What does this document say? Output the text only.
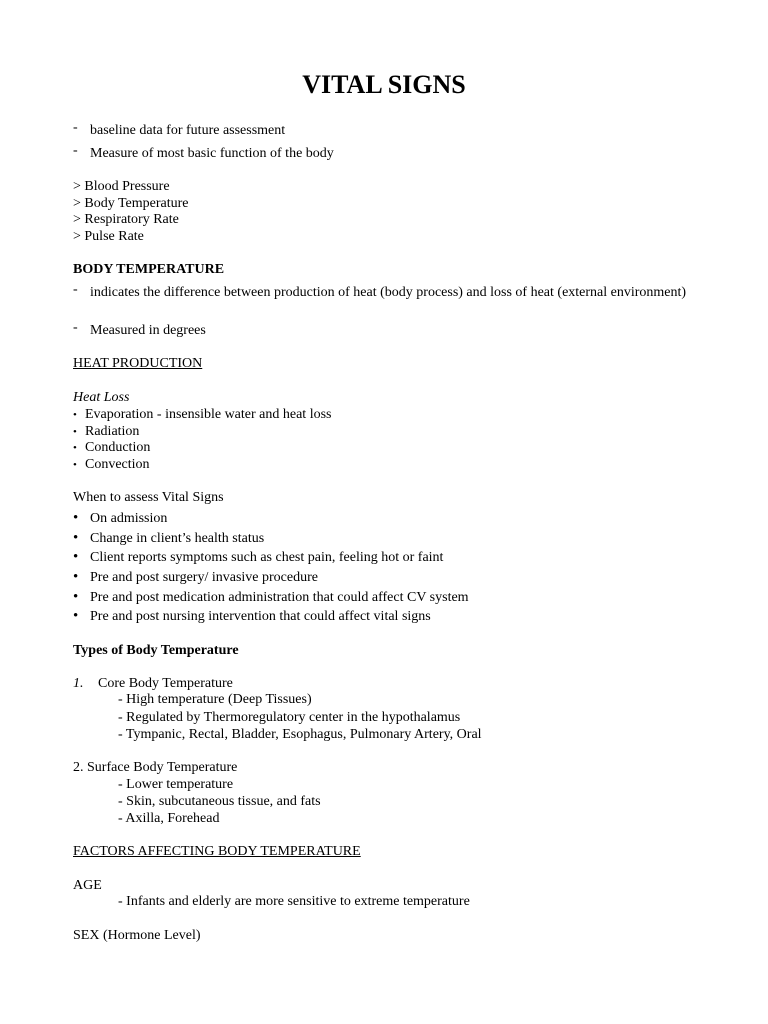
VITAL SIGNS
- baseline data for future assessment
- Measure of most basic function of the body
> Blood Pressure
> Body Temperature
> Respiratory Rate
> Pulse Rate
BODY TEMPERATURE
- indicates the difference between production of heat (body process) and loss of heat (external environment)
- Measured in degrees
HEAT PRODUCTION
Heat Loss
• Evaporation - insensible water and heat loss
• Radiation
• Conduction
• Convection
When to assess Vital Signs
• On admission
• Change in client’s health status
• Client reports symptoms such as chest pain, feeling hot or faint
• Pre and post surgery/ invasive procedure
• Pre and post medication administration that could affect CV system
• Pre and post nursing intervention that could affect vital signs
Types of Body Temperature
1. Core Body Temperature
- High temperature (Deep Tissues)
- Regulated by Thermoregulatory center in the hypothalamus
- Tympanic, Rectal, Bladder, Esophagus, Pulmonary Artery, Oral
2. Surface Body Temperature
- Lower temperature
- Skin, subcutaneous tissue, and fats
- Axilla, Forehead
FACTORS AFFECTING BODY TEMPERATURE
AGE
- Infants and elderly are more sensitive to extreme temperature
SEX (Hormone Level)
